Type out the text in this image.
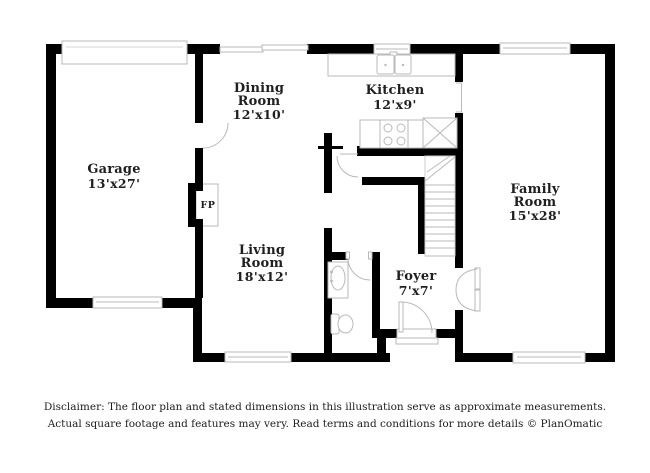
Garage
13'x27'
Dining Room
12'x10'
Kitchen
12'x9'
Family Room
15'x28'
Living Room
18'x12'	Foyer
7'x7'
FP
Disclaimer: The floor plan and stated dimensions in this illustration serve as approximate measurements.
Actual square footage and features may very. Read terms and conditions for more details © PlanOmatic
